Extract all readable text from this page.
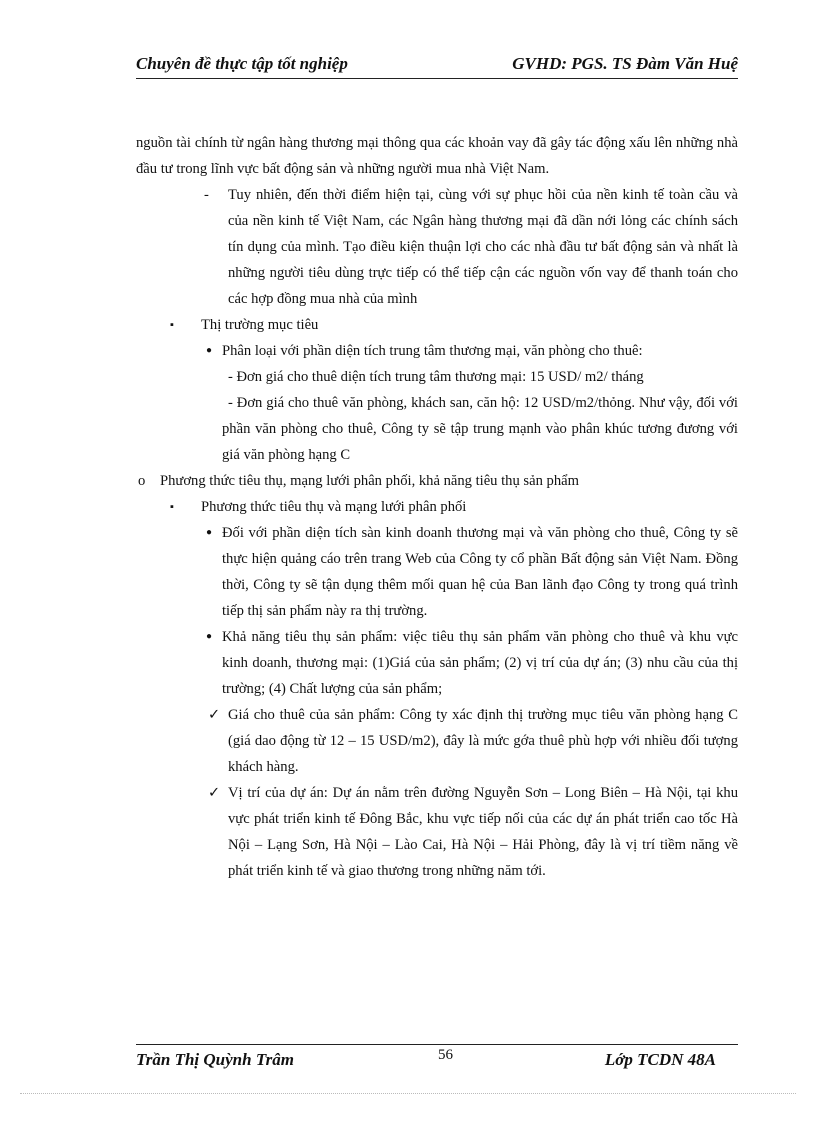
Chuyên đề thực tập tốt nghiệp	GVHD: PGS. TS Đàm Văn Huệ

nguồn tài chính từ ngân hàng thương mại thông qua các khoản vay đã gây tác động xấu lên những nhà đầu tư trong lĩnh vực bất động sản và những người mua nhà Việt Nam.

- Tuy nhiên, đến thời điểm hiện tại, cùng với sự phục hồi của nền kinh tế toàn cầu và của nền kinh tế Việt Nam, các Ngân hàng thương mại đã dần nới lỏng các chính sách tín dụng của mình. Tạo điều kiện thuận lợi cho các nhà đầu tư bất động sản và nhất là những người tiêu dùng trực tiếp có thể tiếp cận các nguồn vốn vay để thanh toán cho các hợp đồng mua nhà của mình

▪ Thị trường mục tiêu

● Phân loại với phần diện tích trung tâm thương mại, văn phòng cho thuê:

- Đơn giá cho thuê diện tích trung tâm thương mại: 15 USD/ m2/ tháng

- Đơn giá cho thuê văn phòng, khách san, căn hộ: 12 USD/m2/thỏng. Như vậy, đối với phần văn phòng cho thuê, Công ty sẽ tập trung mạnh vào phân khúc tương đương với giá văn phòng hạng C

o Phương thức tiêu thụ, mạng lưới phân phối, khả năng tiêu thụ sản phẩm

▪ Phương thức tiêu thụ và mạng lưới phân phối

● Đối với phần diện tích sàn kinh doanh thương mại và văn phòng cho thuê, Công ty sẽ thực hiện quảng cáo trên trang Web của Công ty cổ phần Bất động sản Việt Nam. Đồng thời, Công ty sẽ tận dụng thêm mối quan hệ của Ban lãnh đạo Công ty trong quá trình tiếp thị sản phẩm này ra thị trường.

● Khả năng tiêu thụ sản phẩm: việc tiêu thụ sản phẩm văn phòng cho thuê và khu vực kinh doanh, thương mại: (1)Giá của sản phẩm; (2) vị trí của dự án; (3) nhu cầu của thị trường; (4) Chất lượng của sản phẩm;

✓ Giá cho thuê của sản phẩm: Công ty xác định thị trường mục tiêu văn phòng hạng C (giá dao động từ 12 – 15 USD/m2), đây là mức gớa thuê phù hợp với nhiều đối tượng khách hàng.

✓ Vị trí của dự án: Dự án nằm trên đường Nguyễn Sơn – Long Biên – Hà Nội, tại khu vực phát triển kinh tế Đông Bắc, khu vực tiếp nối của các dự án phát triển cao tốc Hà Nội – Lạng Sơn, Hà Nội – Lào Cai, Hà Nội – Hải Phòng, đây là vị trí tiềm năng về phát triển kinh tế và giao thương trong những năm tới.

Trần Thị Quỳnh Trâm	56	Lớp TCDN 48A
